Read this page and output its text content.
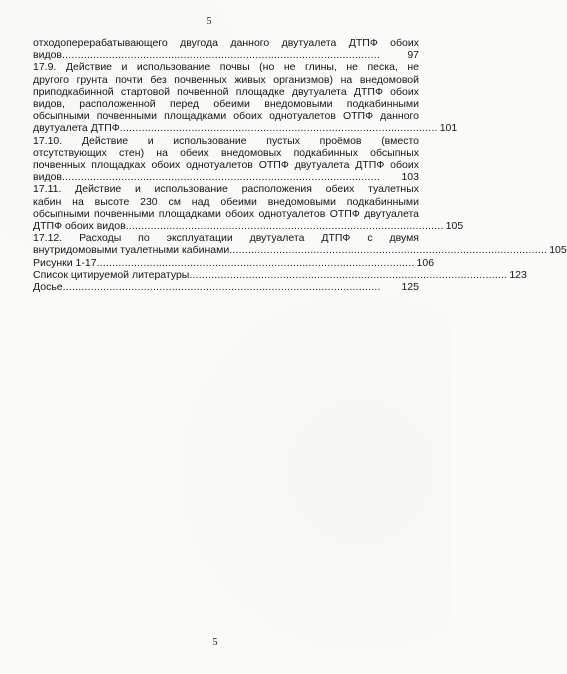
5
отходоперерабатывающего двугода данного двутуалета ДТПФ обоих
видов ......................................................................................................	97
17.9. Действие и использование почвы (но не глины, не песка, не
другого грунта почти без почвенных живых организмов) на внедомовой
приподкабинной стартовой почвенной площадке двутуалета ДТПФ обоих
видов, расположенной перед обеими внедомовыми подкабинными
обсыпными почвенными площадками обоих однотуалетов ОТПФ данного
двутуалета ДТПФ ...................................................................................................... 101
17.10. Действие и использование пустых проёмов (вместо
отсутствующих стен) на обеих внедомовых подкабинных обсыпных
почвенных площадках обоих однотуалетов ОТПФ двутуалета ДТПФ обоих
видов ......................................................................................................	103
17.11. Действие и использование расположения обеих туалетных
кабин на высоте 230 см над обеими внедомовыми подкабинными
обсыпными почвенными площадками обоих однотуалетов ОТПФ двутуалета
ДТПФ обоих видов ...................................................................................................... 105
17.12. Расходы по эксплуатации двутуалета ДТПФ с двумя
внутридомовыми туалетными кабинами ...................................................................................................... 105
Рисунки 1-17 ...................................................................................................... 106
Список цитируемой литературы ...................................................................................................... 123
Досье ......................................................................................................	125
5
